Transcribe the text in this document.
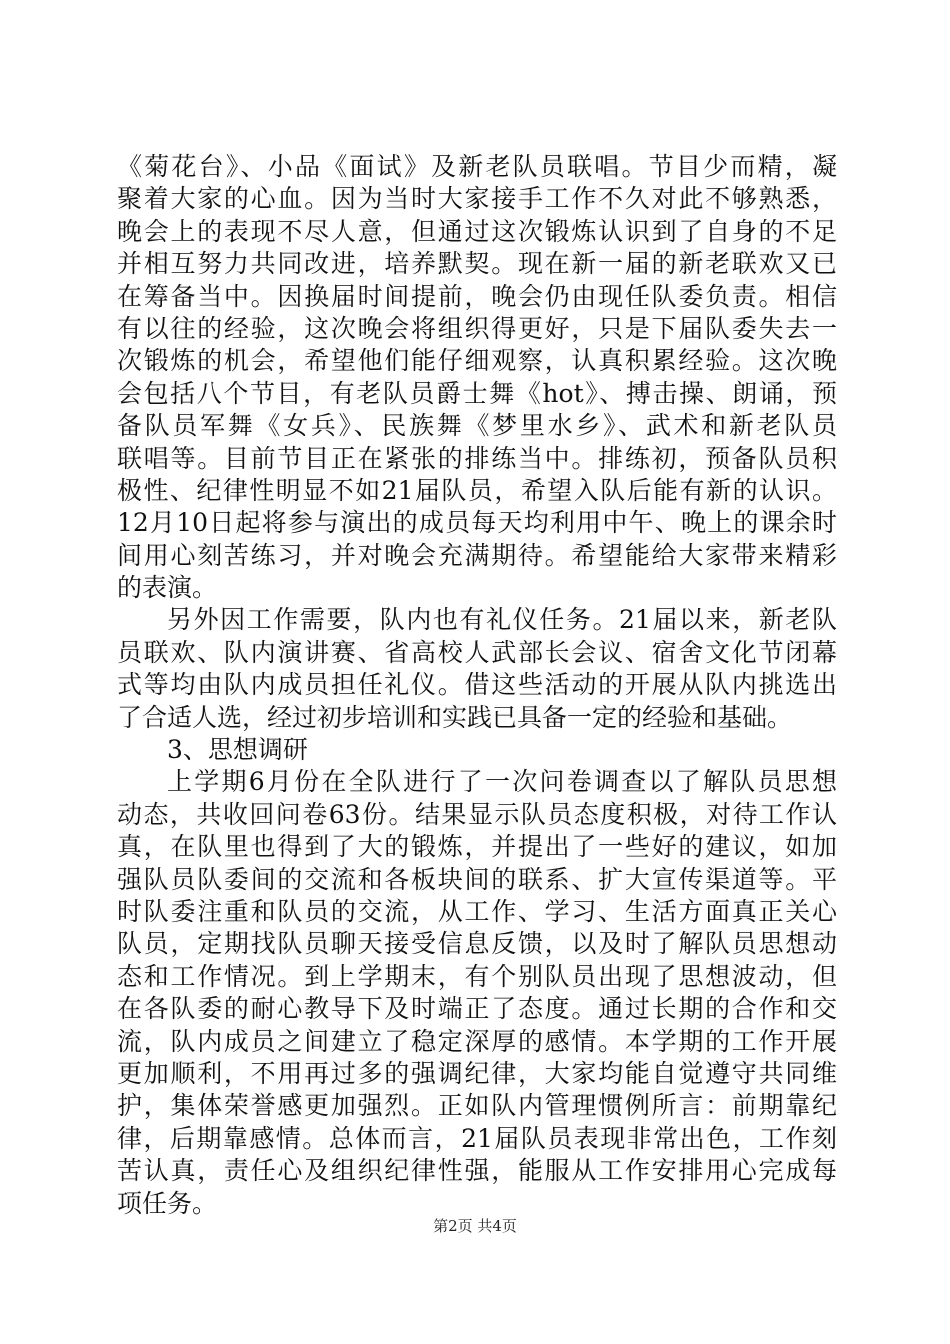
《菊花台》、小品《面试》及新老队员联唱。节目少而精，凝
聚着大家的心血。因为当时大家接手工作不久对此不够熟悉，
晚会上的表现不尽人意，但通过这次锻炼认识到了自身的不足
并相互努力共同改进，培养默契。现在新一届的新老联欢又已
在筹备当中。因换届时间提前，晚会仍由现任队委负责。相信
有以往的经验，这次晚会将组织得更好，只是下届队委失去一
次锻炼的机会，希望他们能仔细观察，认真积累经验。这次晚
会包括八个节目，有老队员爵士舞《hot》、搏击操、朗诵，预
备队员军舞《女兵》、民族舞《梦里水乡》、武术和新老队员
联唱等。目前节目正在紧张的排练当中。排练初，预备队员积
极性、纪律性明显不如21届队员，希望入队后能有新的认识。
12月10日起将参与演出的成员每天均利用中午、晚上的课余时
间用心刻苦练习，并对晚会充满期待。希望能给大家带来精彩
的表演。
另外因工作需要，队内也有礼仪任务。21届以来，新老队
员联欢、队内演讲赛、省高校人武部长会议、宿舍文化节闭幕
式等均由队内成员担任礼仪。借这些活动的开展从队内挑选出
了合适人选，经过初步培训和实践已具备一定的经验和基础。
3、思想调研
上学期6月份在全队进行了一次问卷调查以了解队员思想
动态，共收回问卷63份。结果显示队员态度积极，对待工作认
真，在队里也得到了大的锻炼，并提出了一些好的建议，如加
强队员队委间的交流和各板块间的联系、扩大宣传渠道等。平
时队委注重和队员的交流，从工作、学习、生活方面真正关心
队员，定期找队员聊天接受信息反馈，以及时了解队员思想动
态和工作情况。到上学期末，有个别队员出现了思想波动，但
在各队委的耐心教导下及时端正了态度。通过长期的合作和交
流，队内成员之间建立了稳定深厚的感情。本学期的工作开展
更加顺利，不用再过多的强调纪律，大家均能自觉遵守共同维
护，集体荣誉感更加强烈。正如队内管理惯例所言：前期靠纪
律，后期靠感情。总体而言，21届队员表现非常出色，工作刻
苦认真，责任心及组织纪律性强，能服从工作安排用心完成每
项任务。
第2页 共4页
